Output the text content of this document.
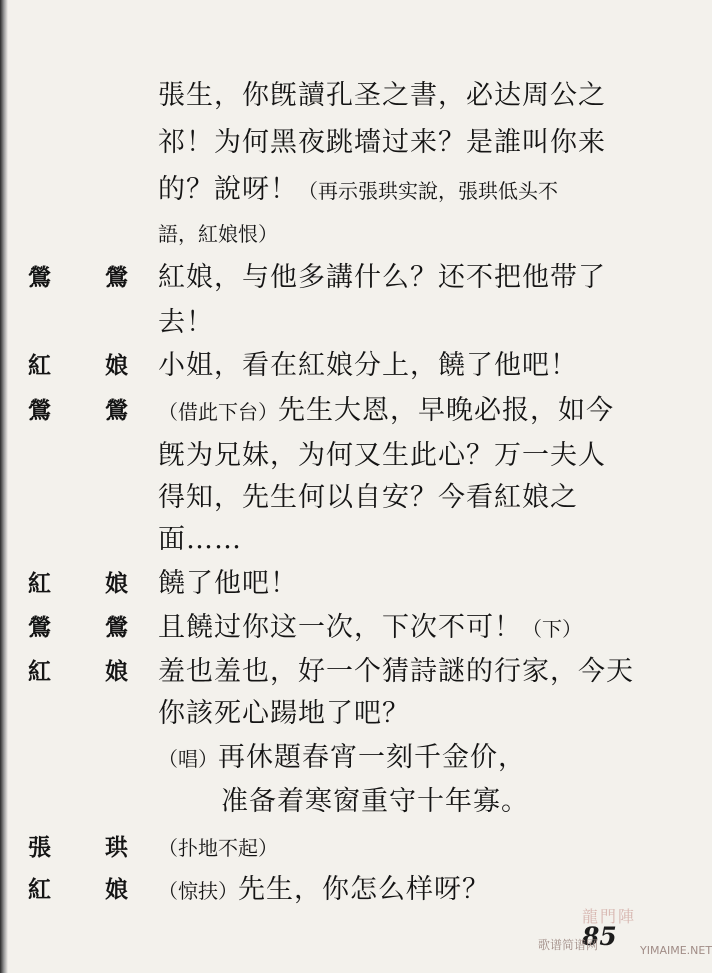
張生，你旣讀孔圣之書，必达周公之
祁！为何黑夜跳墻过来？是誰叫你来
的？說呀！（再示張珙实說，張珙低头不
語，紅娘恨）
鶯 鶯 紅娘，与他多講什么？还不把他带了
去！
紅 娘 小姐，看在紅娘分上，饒了他吧！
鶯 鶯 （借此下台）先生大恩，早晚必报，如今
旣为兄妹，为何又生此心？万一夫人
得知，先生何以自安？今看紅娘之
面……
紅 娘 饒了他吧！
鶯 鶯 且饒过你这一次，下次不可！（下）
紅 娘 羞也羞也，好一个猜詩謎的行家，今天
你該死心踼地了吧？
（唱）再休題春宵一刻千金价，
准备着寒窗重守十年寡。
張 珙 （扑地不起）
紅 娘 （惊扶）先生，你怎么样呀？
龍門陣
85
歌谱简谱网	YIMAIME.NET
